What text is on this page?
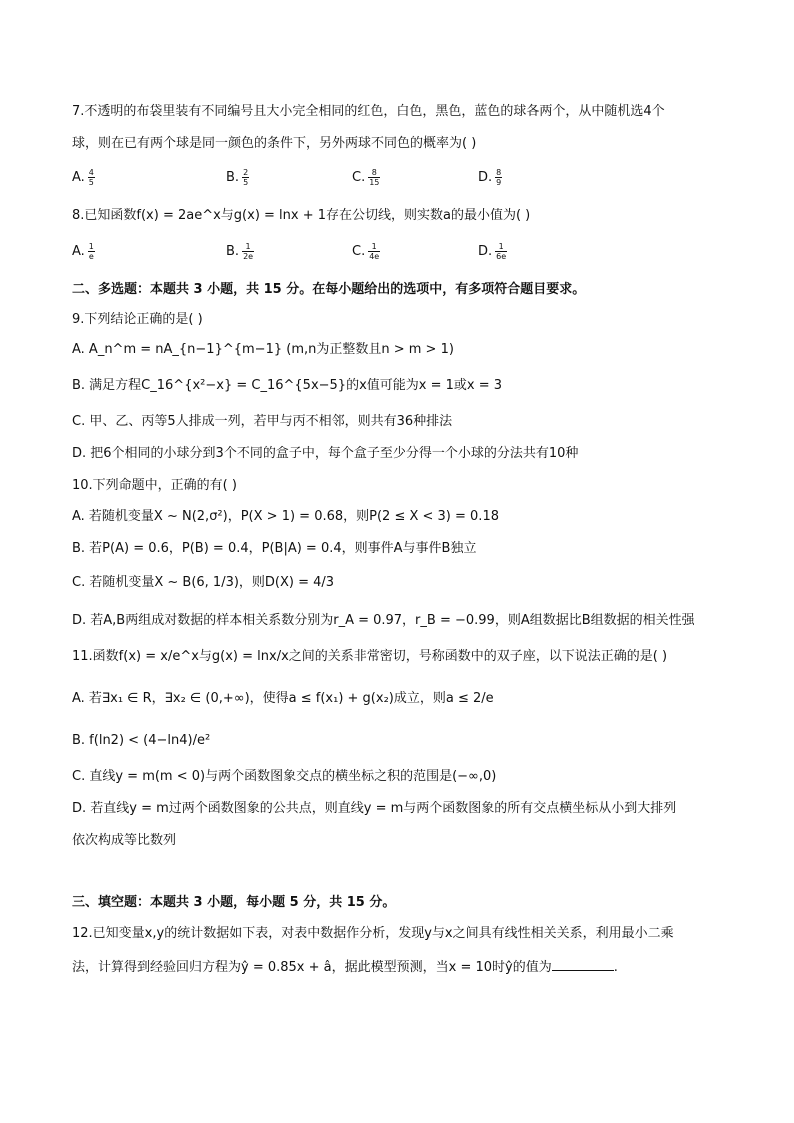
7.不透明的布袋里装有不同编号且大小完全相同的红色，白色，黑色，蓝色的球各两个，从中随机选4个
球，则在已有两个球是同一颜色的条件下，另外两球不同色的概率为( )
A. $\frac{4}{5}$	B. $\frac{2}{5}$	C. $\frac{8}{15}$	D. $\frac{8}{9}$
8.已知函数f(x) = 2ae^x与g(x) = lnx + 1存在公切线，则实数a的最小值为( )
A. $\frac{1}{e}$	B. $\frac{1}{2e}$	C. $\frac{1}{4e}$	D. $\frac{1}{6e}$
二、多选题：本题共 3 小题，共 15 分。在每小题给出的选项中，有多项符合题目要求。
9.下列结论正确的是( )
A. A_n^m = nA_{n−1}^{m−1} (m,n为正整数且n > m > 1)
B. 满足方程C_16^{x²−x} = C_16^{5x−5}的x值可能为x = 1或x = 3
C. 甲、乙、丙等5人排成一列，若甲与丙不相邻，则共有36种排法
D. 把6个相同的小球分到3个不同的盒子中，每个盒子至少分得一个小球的分法共有10种
10.下列命题中，正确的有( )
A. 若随机变量X ~ N(2,σ²)，P(X > 1) = 0.68，则P(2 ≤ X < 3) = 0.18
B. 若P(A) = 0.6，P(B) = 0.4，P(B|A) = 0.4，则事件A与事件B独立
C. 若随机变量X ~ B(6, 1/3)，则D(X) = 4/3
D. 若A,B两组成对数据的样本相关系数分别为r_A = 0.97，r_B = −0.99，则A组数据比B组数据的相关性强
11.函数f(x) = x/e^x与g(x) = lnx/x之间的关系非常密切，号称函数中的双子座，以下说法正确的是( )
A. 若∃x₁ ∈ R，∃x₂ ∈ (0,+∞)，使得a ≤ f(x₁) + g(x₂)成立，则a ≤ 2/e
B. f(ln2) < (4−ln4)/e²
C. 直线y = m(m < 0)与两个函数图象交点的横坐标之积的范围是(−∞,0)
D. 若直线y = m过两个函数图象的公共点，则直线y = m与两个函数图象的所有交点横坐标从小到大排列
依次构成等比数列
三、填空题：本题共 3 小题，每小题 5 分，共 15 分。
12.已知变量x,y的统计数据如下表，对表中数据作分析，发现y与x之间具有线性相关关系，利用最小二乘
法，计算得到经验回归方程为ŷ = 0.85x + â，据此模型预测，当x = 10时ŷ的值为	.
